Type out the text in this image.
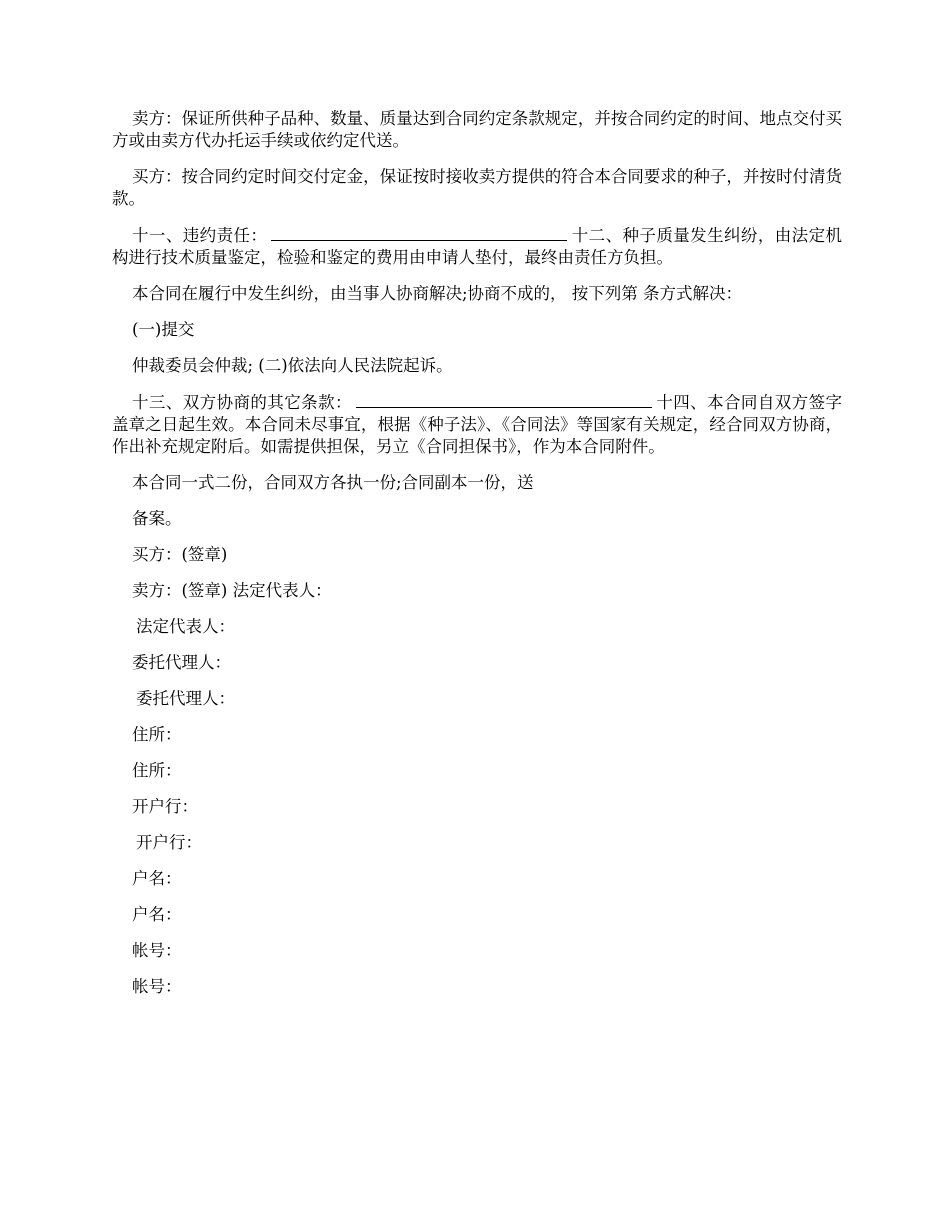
卖方：保证所供种子品种、数量、质量达到合同约定条款规定，并按合同约定的时间、地点交付买方或由卖方代办托运手续或依约定代送。

买方：按合同约定时间交付定金，保证按时接收卖方提供的符合本合同要求的种子，并按时付清货款。

十一、违约责任：	十二、种子质量发生纠纷，由法定机构进行技术质量鉴定，检验和鉴定的费用由申请人垫付，最终由责任方负担。

本合同在履行中发生纠纷，由当事人协商解决;协商不成的， 按下列第 条方式解决：

(一)提交

仲裁委员会仲裁; (二)依法向人民法院起诉。

十三、双方协商的其它条款：	十四、本合同自双方签字盖章之日起生效。本合同未尽事宜，根据《种子法》、《合同法》等国家有关规定，经合同双方协商，作出补充规定附后。如需提供担保，另立《合同担保书》，作为本合同附件。

本合同一式二份，合同双方各执一份;合同副本一份，送

备案。

买方：(签章)
卖方：(签章) 法定代表人：
法定代表人：
委托代理人：
委托代理人：
住所：
住所：
开户行：
开户行：
户名：
户名：
帐号：
帐号：
